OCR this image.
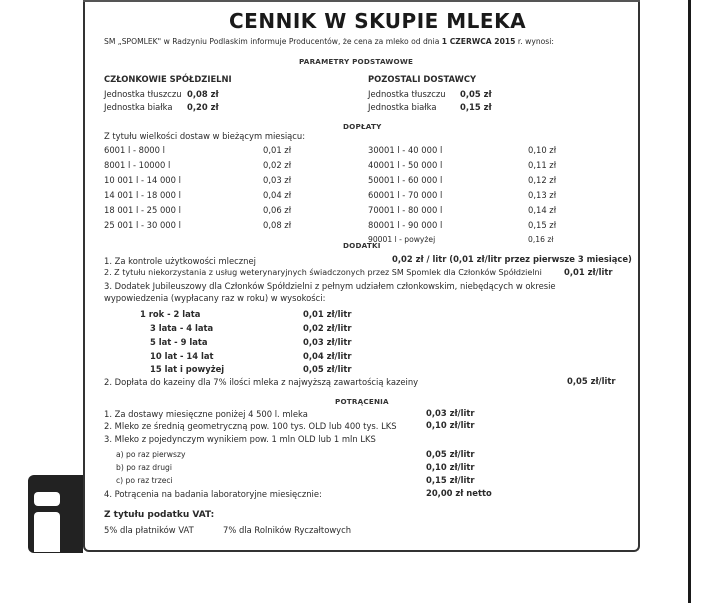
CENNIK W SKUPIE MLEKA
SM „SPOMLEK" w Radzyniu Podlaskim informuje Producentów, że cena za mleko od dnia 1 CZERWCA 2015 r. wynosi:
PARAMETRY PODSTAWOWE
CZŁONKOWIE SPÓŁDZIELNI
Jednostka tłuszczu 0,08 zł
Jednostka białka 0,20 zł
POZOSTALI DOSTAWCY
Jednostka tłuszczu 0,05 zł
Jednostka białka	0,15 zł
DOPŁATY
Z tytułu wielkości dostaw w bieżącym miesiącu:
6001 l - 8000 l	0,01 zł
8001 l - 10000 l	0,02 zł
10 001 l - 14 000 l	0,03 zł
14 001 l - 18 000 l	0,04 zł
18 001 l - 25 000 l	0,06 zł
25 001 l - 30 000 l	0,08 zł
30001 l - 40 000 l	0,10 zł
40001 l - 50 000 l	0,11 zł
50001 l - 60 000 l	0,12 zł
60001 l - 70 000 l	0,13 zł
70001 l - 80 000 l	0,14 zł
80001 l - 90 000 l	0,15 zł
90001 l - powyżej	0,16 zł
DODATKI
1. Za kontrole użytkowości mlecznej	0,02 zł / litr (0,01 zł/litr przez pierwsze 3 miesiące)
2. Z tytułu niekorzystania z usług weterynaryjnych świadczonych przez SM Spomlek dla Członków Spółdzielni	0,01 zł/litr
3. Dodatek Jubileuszowy dla Członków Spółdzielni z pełnym udziałem członkowskim, niebędących w okresie
wypowiedzenia (wypłacany raz w roku) w wysokości:
1 rok - 2 lata	0,01 zł/litr
3 lata - 4 lata	0,02 zł/litr
5 lat - 9 lata	0,03 zł/litr
10 lat - 14 lat	0,04 zł/litr
15 lat i powyżej	0,05 zł/litr
2. Dopłata do kazeiny dla 7% ilości mleka z najwyższą zawartością kazeiny	0,05 zł/litr
POTRĄCENIA
1. Za dostawy miesięczne poniżej 4 500 l. mleka	0,03 zł/litr
2. Mleko ze średnią geometryczną pow. 100 tys. OLD lub 400 tys. LKS	0,10 zł/litr
3. Mleko z pojedynczym wynikiem pow. 1 mln OLD lub 1 mln LKS
a) po raz pierwszy	0,05 zł/litr
b) po raz drugi	0,10 zł/litr
c) po raz trzeci	0,15 zł/litr
4. Potrącenia na badania laboratoryjne miesięcznie:	20,00 zł netto
Z tytułu podatku VAT:
5% dla płatników VAT	7% dla Rolników Ryczałtowych
